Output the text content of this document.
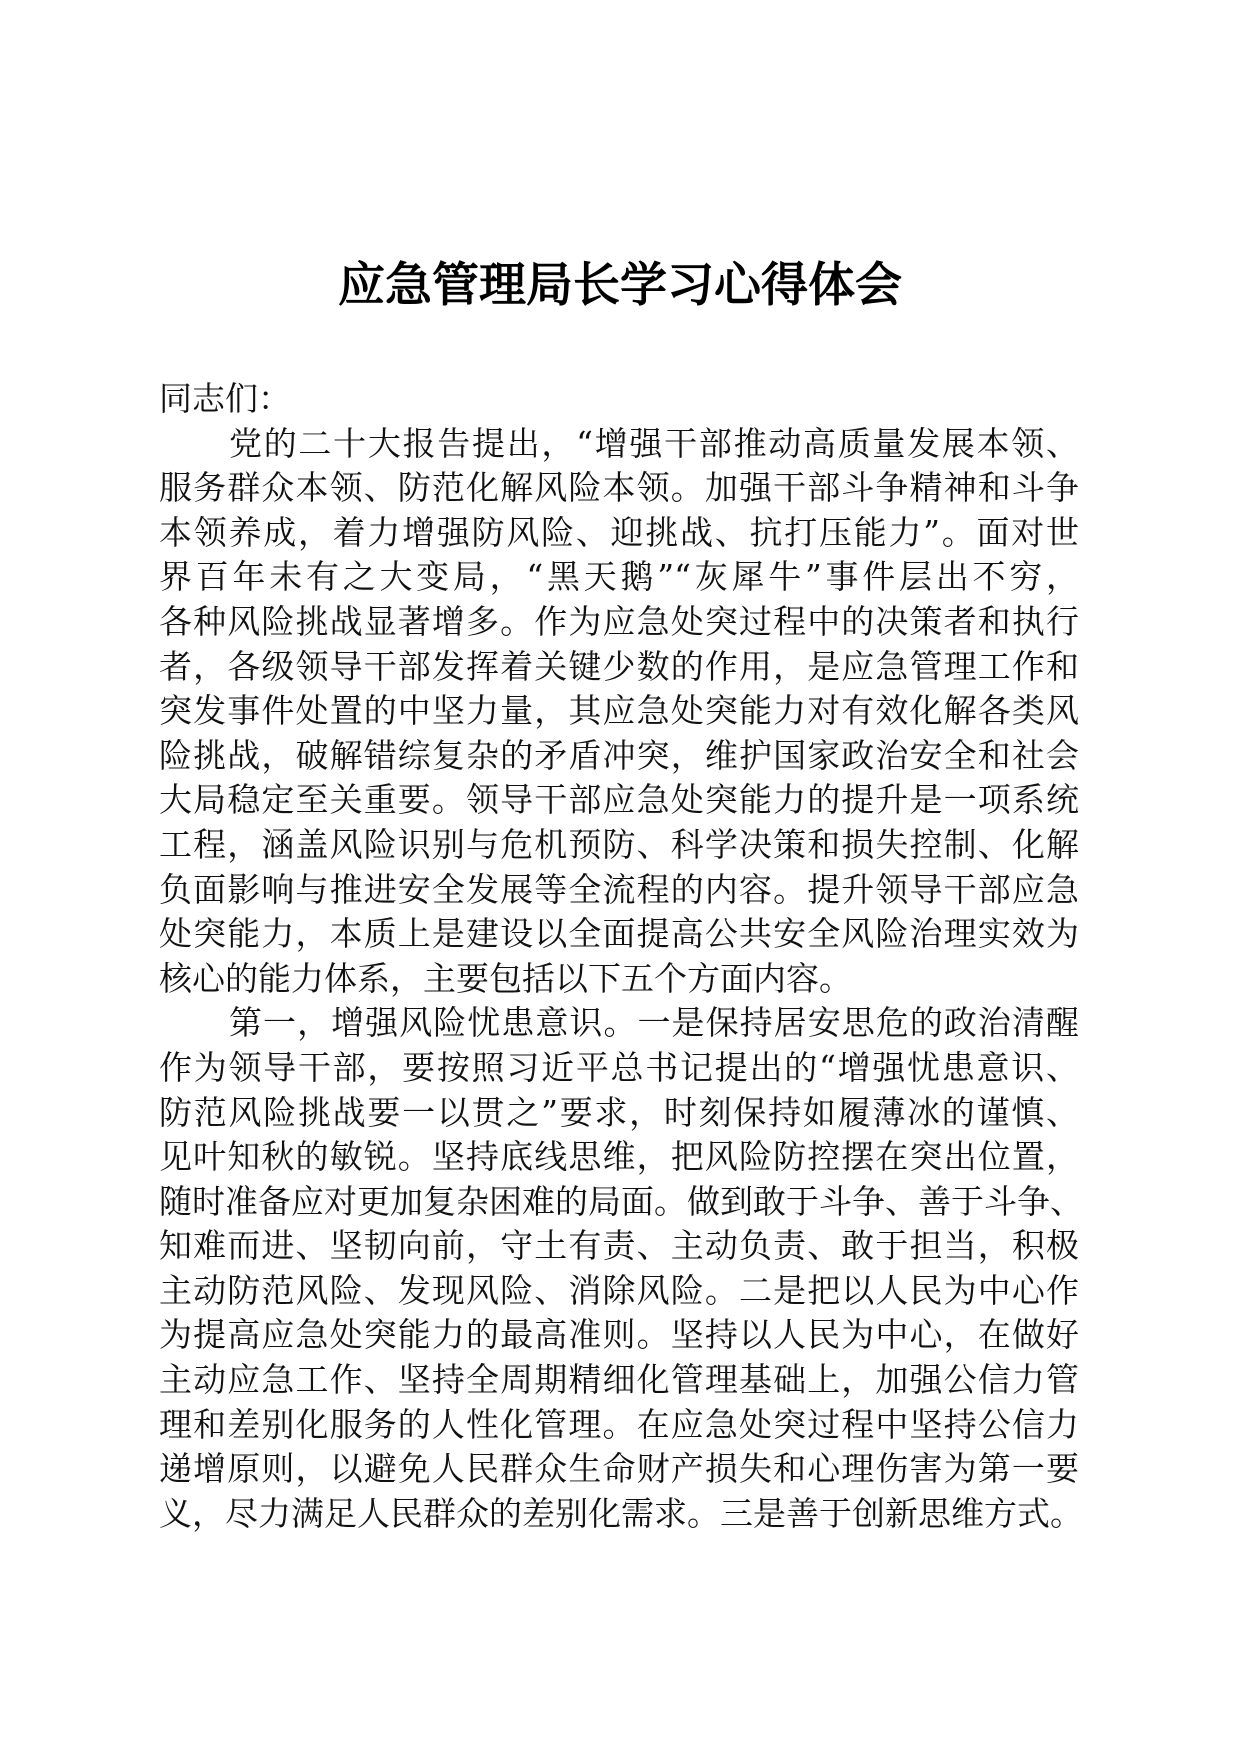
应急管理局长学习心得体会
同志们：
党的二十大报告提出，“增强干部推动高质量发展本领、
服务群众本领、防范化解风险本领。加强干部斗争精神和斗争
本领养成，着力增强防风险、迎挑战、抗打压能力”。面对世
界百年未有之大变局，“黑天鹅”“灰犀牛”事件层出不穷，
各种风险挑战显著增多。作为应急处突过程中的决策者和执行
者，各级领导干部发挥着关键少数的作用，是应急管理工作和
突发事件处置的中坚力量，其应急处突能力对有效化解各类风
险挑战，破解错综复杂的矛盾冲突，维护国家政治安全和社会
大局稳定至关重要。领导干部应急处突能力的提升是一项系统
工程，涵盖风险识别与危机预防、科学决策和损失控制、化解
负面影响与推进安全发展等全流程的内容。提升领导干部应急
处突能力，本质上是建设以全面提高公共安全风险治理实效为
核心的能力体系，主要包括以下五个方面内容。
第一，增强风险忧患意识。一是保持居安思危的政治清醒
作为领导干部，要按照习近平总书记提出的“增强忧患意识、
防范风险挑战要一以贯之”要求，时刻保持如履薄冰的谨慎、
见叶知秋的敏锐。坚持底线思维，把风险防控摆在突出位置，
随时准备应对更加复杂困难的局面。做到敢于斗争、善于斗争、
知难而进、坚韧向前，守土有责、主动负责、敢于担当，积极
主动防范风险、发现风险、消除风险。二是把以人民为中心作
为提高应急处突能力的最高准则。坚持以人民为中心，在做好
主动应急工作、坚持全周期精细化管理基础上，加强公信力管
理和差别化服务的人性化管理。在应急处突过程中坚持公信力
递增原则，以避免人民群众生命财产损失和心理伤害为第一要
义，尽力满足人民群众的差别化需求。三是善于创新思维方式。
